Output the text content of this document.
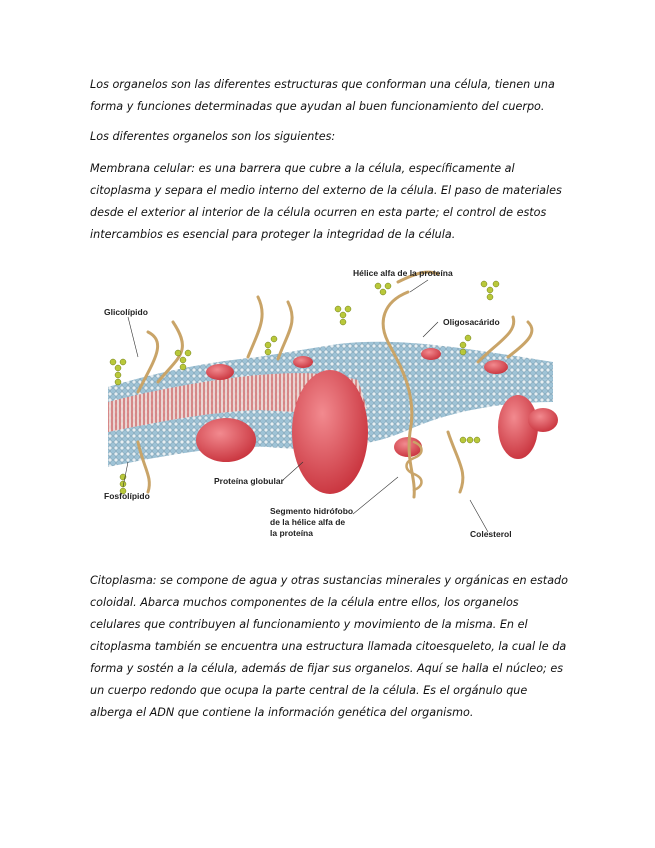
Los organelos son las diferentes estructuras que conforman una célula, tienen una forma y funciones determinadas que ayudan al buen funcionamiento del cuerpo.
Los diferentes organelos son los siguientes:
Membrana celular: es una barrera que cubre a la célula, específicamente al citoplasma y separa el medio interno del externo de la célula. El paso de materiales desde el exterior al interior de la célula ocurren en esta parte; el control de estos intercambios es esencial para proteger la integridad de la célula.
Hélice alfa de la proteína
Glicolípido
Oligosacárido
Fosfolípido
Proteína globular
Segmento hidrófobo
de la hélice alfa de
la proteína	Colesterol
Citoplasma: se compone de agua y otras sustancias minerales y orgánicas en estado coloidal. Abarca muchos componentes de la célula entre ellos, los organelos celulares que contribuyen al funcionamiento y movimiento de la misma. En el citoplasma también se encuentra una estructura llamada citoesqueleto, la cual le da forma y sostén a la célula, además de fijar sus organelos. Aquí se halla el núcleo; es un cuerpo redondo que ocupa la parte central de la célula. Es el orgánulo que alberga el ADN que contiene la información genética del organismo.
